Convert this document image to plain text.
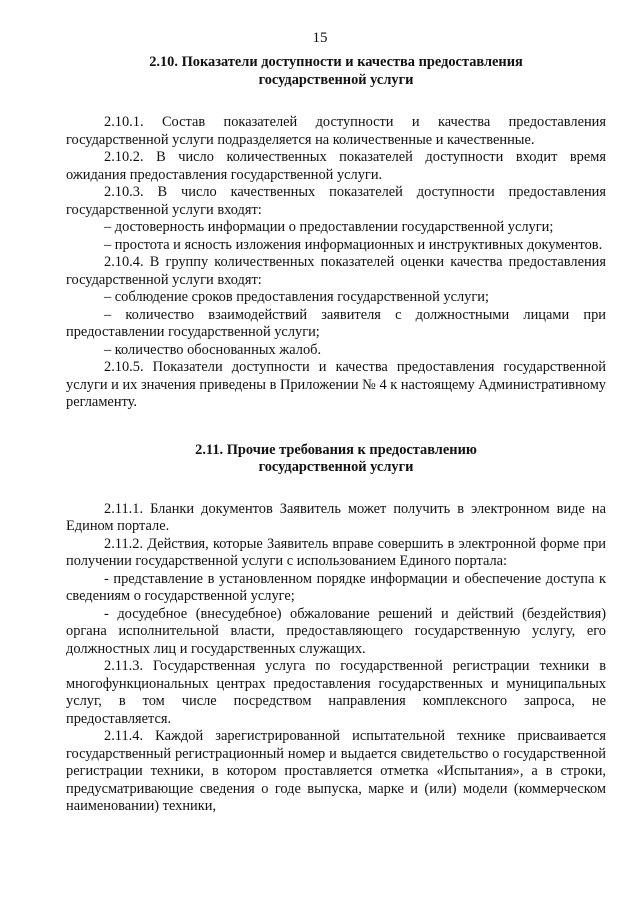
15
2.10. Показатели доступности и качества предоставления
государственной услуги

2.10.1. Состав показателей доступности и качества предоставления государственной услуги подразделяется на количественные и качественные.

2.10.2. В число количественных показателей доступности входит время ожидания предоставления государственной услуги.

2.10.3. В число качественных показателей доступности предоставления государственной услуги входят:

– достоверность информации о предоставлении государственной услуги;

– простота и ясность изложения информационных и инструктивных документов.

2.10.4. В группу количественных показателей оценки качества предоставления государственной услуги входят:

– соблюдение сроков предоставления государственной услуги;

– количество взаимодействий заявителя с должностными лицами при предоставлении государственной услуги;

– количество обоснованных жалоб.

2.10.5. Показатели доступности и качества предоставления государственной услуги и их значения приведены в Приложении № 4 к настоящему Административному регламенту.

2.11. Прочие требования к предоставлению
государственной услуги

2.11.1. Бланки документов Заявитель может получить в электронном виде на Едином портале.

2.11.2. Действия, которые Заявитель вправе совершить в электронной форме при получении государственной услуги с использованием Единого портала:

- представление в установленном порядке информации и обеспечение доступа к сведениям о государственной услуге;

- досудебное (внесудебное) обжалование решений и действий (бездействия) органа исполнительной власти, предоставляющего государственную услугу, его должностных лиц и государственных служащих.

2.11.3. Государственная услуга по государственной регистрации техники в многофункциональных центрах предоставления государственных и муниципальных услуг, в том числе посредством направления комплексного запроса, не предоставляется.

2.11.4. Каждой зарегистрированной испытательной технике присваивается государственный регистрационный номер и выдается свидетельство о государственной регистрации техники, в котором проставляется отметка «Испытания», а в строки, предусматривающие сведения о годе выпуска, марке и (или) модели (коммерческом наименовании) техники,
